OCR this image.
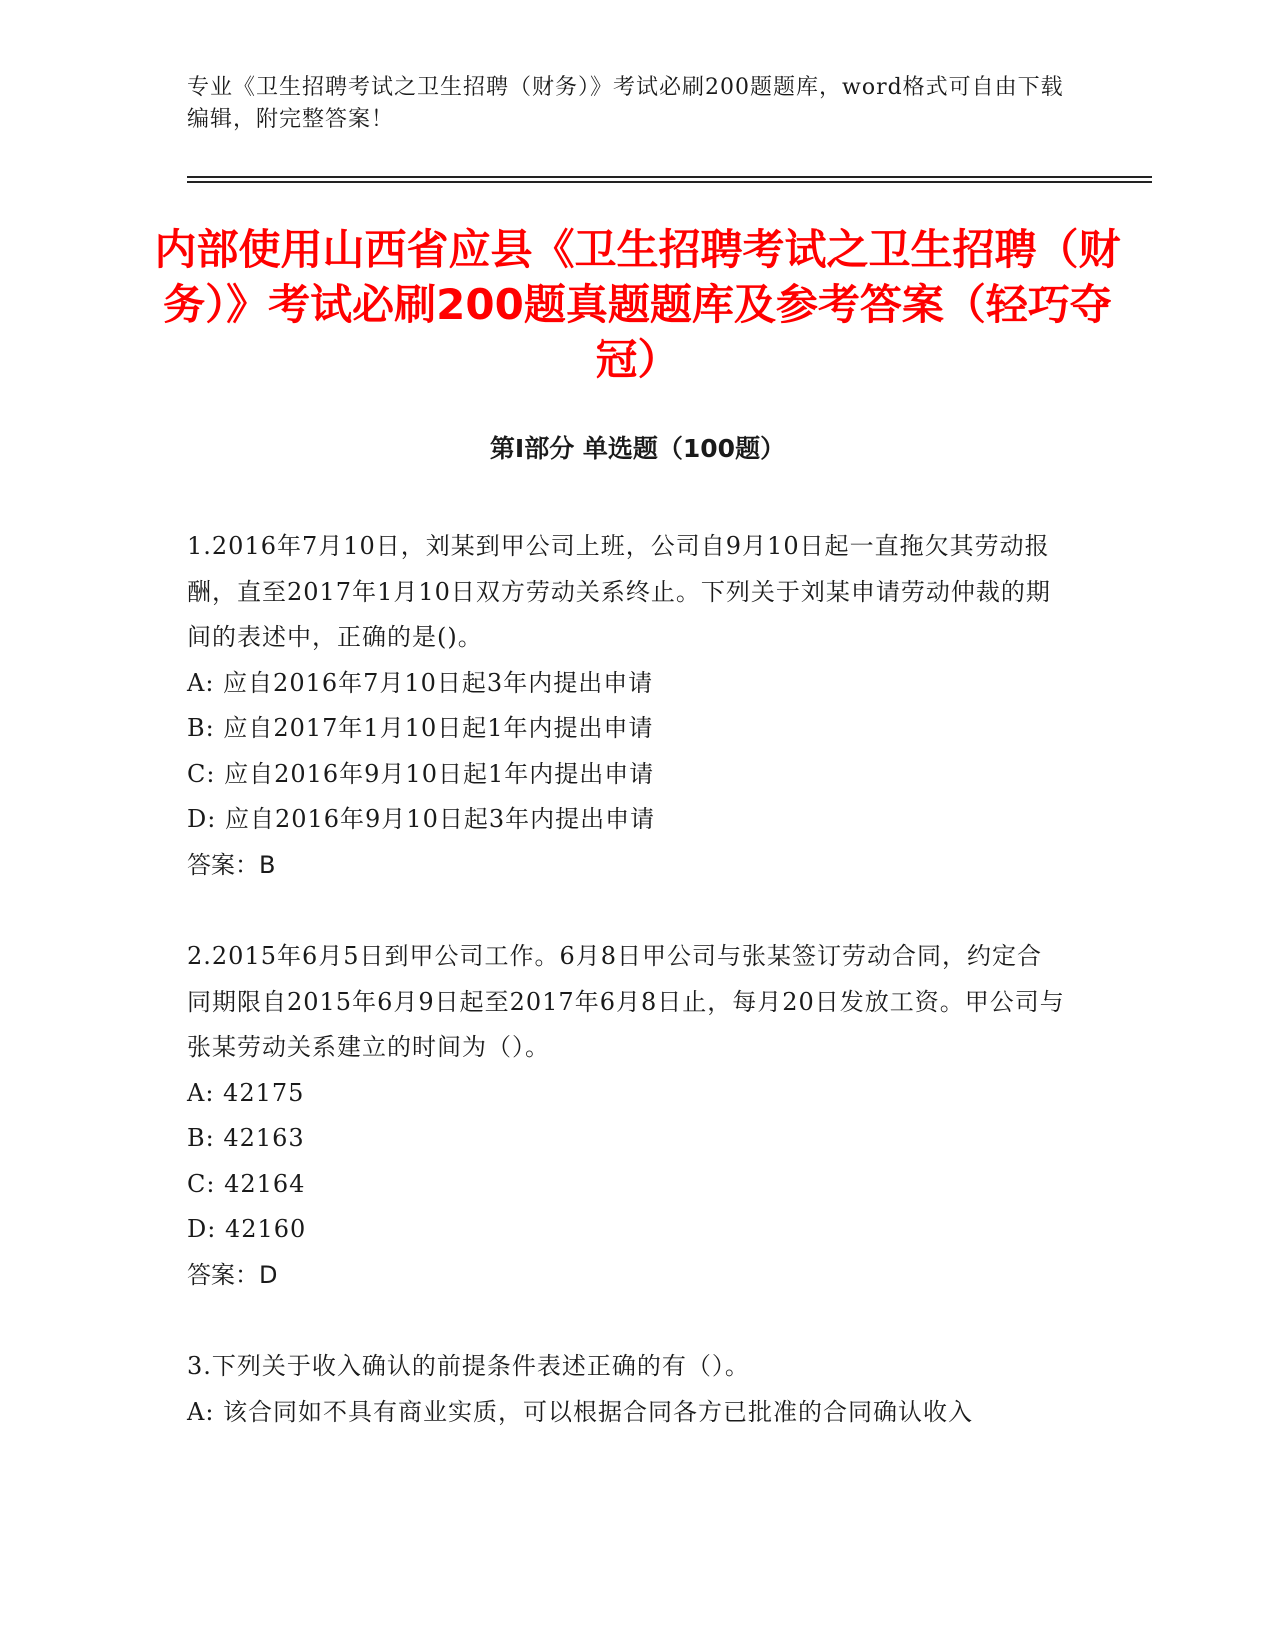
专业《卫生招聘考试之卫生招聘（财务）》考试必刷200题题库，word格式可自由下载编辑，附完整答案！
内部使用山西省应县《卫生招聘考试之卫生招聘（财务）》考试必刷200题真题题库及参考答案（轻巧夺冠）
第Ⅰ部分 单选题（100题）
1.2016年7月10日，刘某到甲公司上班，公司自9月10日起一直拖欠其劳动报酬，直至2017年1月10日双方劳动关系终止。下列关于刘某申请劳动仲裁的期间的表述中，正确的是()。
A: 应自2016年7月10日起3年内提出申请
B: 应自2017年1月10日起1年内提出申请
C: 应自2016年9月10日起1年内提出申请
D: 应自2016年9月10日起3年内提出申请
答案：B
2.2015年6月5日到甲公司工作。6月8日甲公司与张某签订劳动合同，约定合同期限自2015年6月9日起至2017年6月8日止，每月20日发放工资。甲公司与张某劳动关系建立的时间为（）。
A: 42175
B: 42163
C: 42164
D: 42160
答案：D
3.下列关于收入确认的前提条件表述正确的有（）。
A: 该合同如不具有商业实质，可以根据合同各方已批准的合同确认收入
